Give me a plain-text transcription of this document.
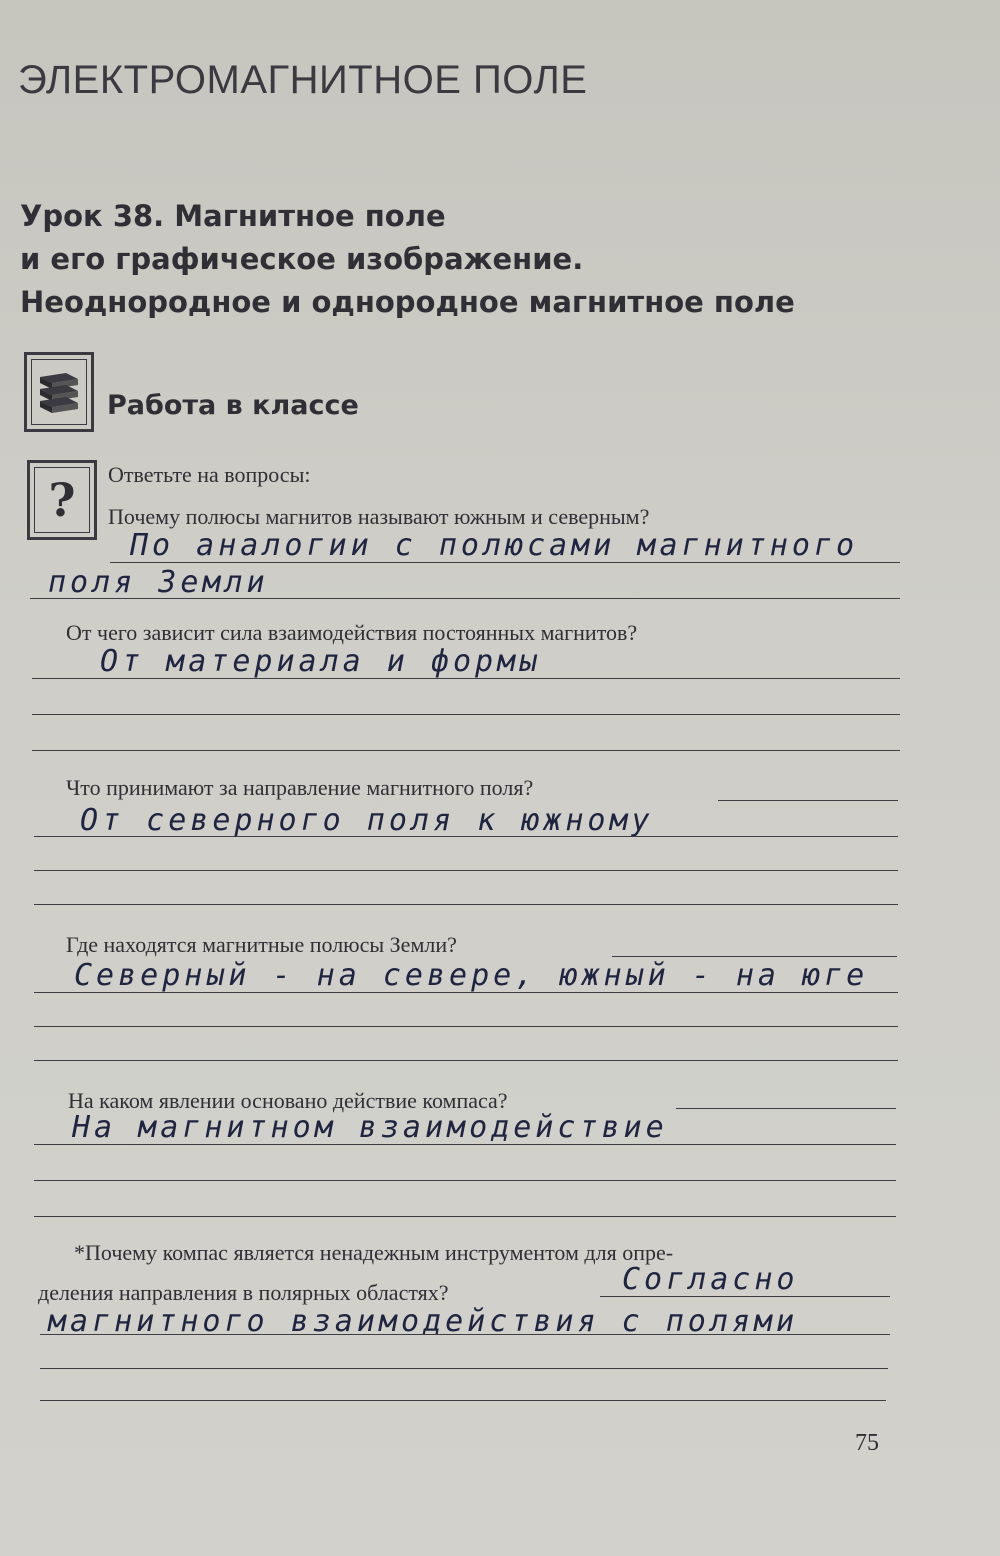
ЭЛЕКТРОМАГНИТНОЕ ПОЛЕ
Урок 38. Магнитное поле
и его графическое изображение.
Неоднородное и однородное магнитное поле
Работа в классе
?	Ответьте на вопросы:

Почему полюсы магнитов называют южным и северным?

По аналогии с полюсами магнитного
поля Земли

От чего зависит сила взаимодействия постоянных магнитов?

От материала и формы

Что принимают за направление магнитного поля?

От северного поля к южному

Где находятся магнитные полюсы Земли?

Северный - на севере, южный - на юге

На каком явлении основано действие компаса?

На магнитном взаимодействие

*Почему компас является ненадежным инструментом для опре-

деления направления в полярных областях?	Согласно
магнитного взаимодействия с полями

75
